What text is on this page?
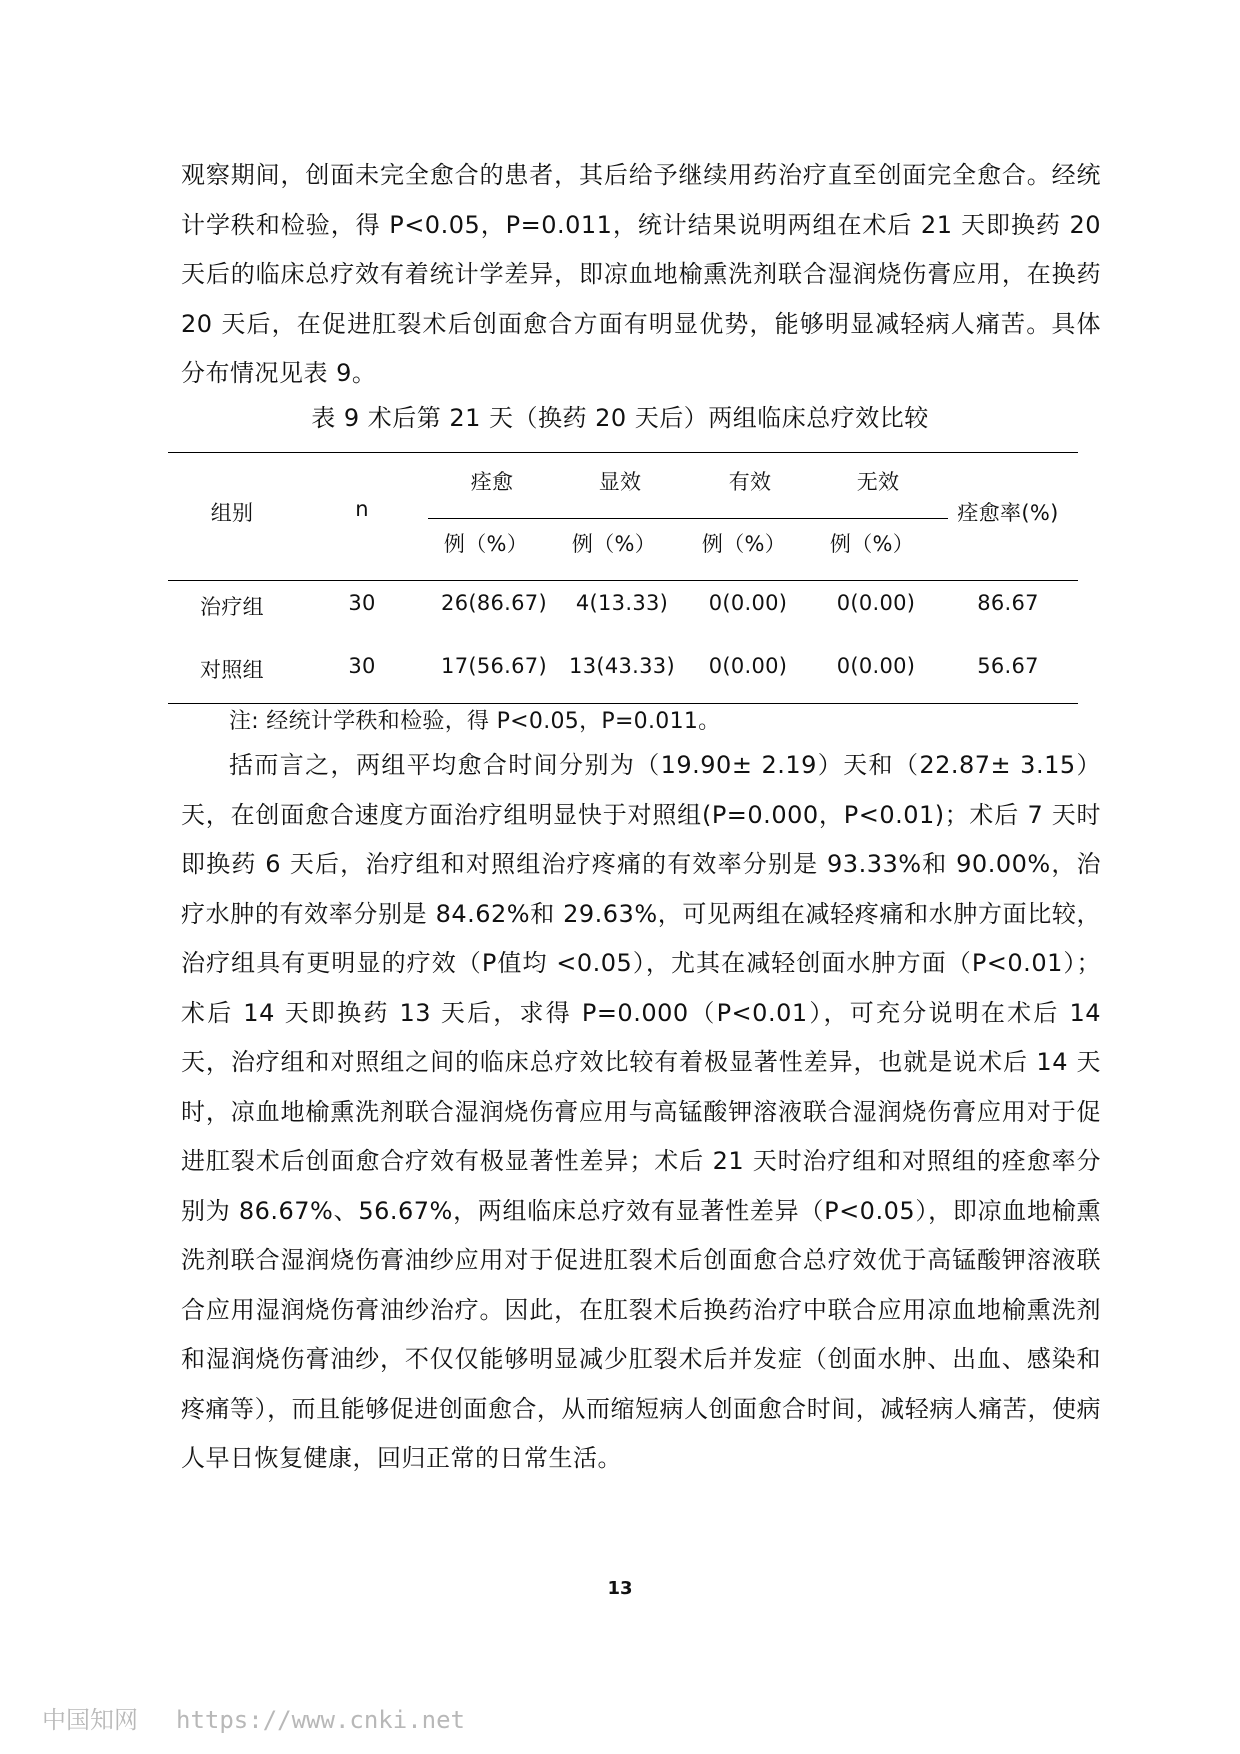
观察期间，创面未完全愈合的患者，其后给予继续用药治疗直至创面完全愈合。经统计学秩和检验，得 P<0.05，P=0.011，统计结果说明两组在术后 21 天即换药 20 天后的临床总疗效有着统计学差异，即凉血地榆熏洗剂联合湿润烧伤膏应用，在换药 20 天后，在促进肛裂术后创面愈合方面有明显优势，能够明显减轻病人痛苦。具体分布情况见表 9。

表 9 术后第 21 天（换药 20 天后）两组临床总疗效比较
组别	n
痊愈	显效	有效	无效
痊愈率(%)
例（%） 例（%） 例（%） 例（%）
治疗组	30	26(86.67) 4(13.33) 0(0.00) 0(0.00)	86.67
对照组	30	17(56.67) 13(43.33) 0(0.00) 0(0.00)	56.67
注: 经统计学秩和检验，得 P<0.05，P=0.011。

括而言之，两组平均愈合时间分别为（19.90± 2.19）天和（22.87± 3.15）天，在创面愈合速度方面治疗组明显快于对照组(P=0.000，P<0.01)；术后 7 天时即换药 6 天后，治疗组和对照组治疗疼痛的有效率分别是 93.33%和 90.00%，治疗水肿的有效率分别是 84.62%和 29.63%，可见两组在减轻疼痛和水肿方面比较，治疗组具有更明显的疗效（P值均 <0.05），尤其在减轻创面水肿方面（P<0.01）；术后 14 天即换药 13 天后，求得 P=0.000（P<0.01），可充分说明在术后 14 天，治疗组和对照组之间的临床总疗效比较有着极显著性差异，也就是说术后 14 天时，凉血地榆熏洗剂联合湿润烧伤膏应用与高锰酸钾溶液联合湿润烧伤膏应用对于促进肛裂术后创面愈合疗效有极显著性差异；术后 21 天时治疗组和对照组的痊愈率分别为 86.67%、56.67%，两组临床总疗效有显著性差异（P<0.05），即凉血地榆熏洗剂联合湿润烧伤膏油纱应用对于促进肛裂术后创面愈合总疗效优于高锰酸钾溶液联合应用湿润烧伤膏油纱治疗。因此，在肛裂术后换药治疗中联合应用凉血地榆熏洗剂和湿润烧伤膏油纱，不仅仅能够明显减少肛裂术后并发症（创面水肿、出血、感染和疼痛等），而且能够促进创面愈合，从而缩短病人创面愈合时间，减轻病人痛苦，使病人早日恢复健康，回归正常的日常生活。

13
中国知网 https://www.cnki.net
